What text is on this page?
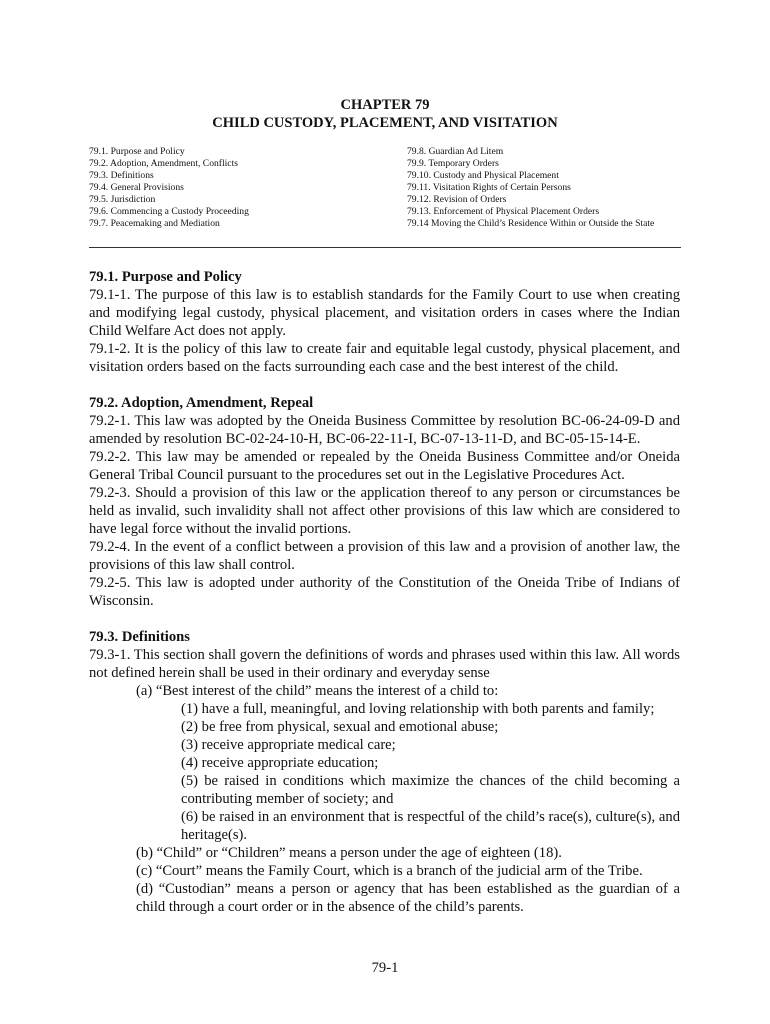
CHAPTER 79
CHILD CUSTODY, PLACEMENT, AND VISITATION
79.1. Purpose and Policy
79.2. Adoption, Amendment, Conflicts
79.3. Definitions
79.4. General Provisions
79.5. Jurisdiction
79.6. Commencing a Custody Proceeding
79.7. Peacemaking and Mediation
79.8. Guardian Ad Litem
79.9. Temporary Orders
79.10. Custody and Physical Placement
79.11. Visitation Rights of Certain Persons
79.12. Revision of Orders
79.13. Enforcement of Physical Placement Orders
79.14 Moving the Child’s Residence Within or Outside the State
79.1. Purpose and Policy
79.1-1. The purpose of this law is to establish standards for the Family Court to use when creating and modifying legal custody, physical placement, and visitation orders in cases where the Indian Child Welfare Act does not apply.
79.1-2. It is the policy of this law to create fair and equitable legal custody, physical placement, and visitation orders based on the facts surrounding each case and the best interest of the child.
79.2. Adoption, Amendment, Repeal
79.2-1. This law was adopted by the Oneida Business Committee by resolution BC-06-24-09-D and amended by resolution BC-02-24-10-H, BC-06-22-11-I, BC-07-13-11-D, and BC-05-15-14-E.
79.2-2. This law may be amended or repealed by the Oneida Business Committee and/or Oneida General Tribal Council pursuant to the procedures set out in the Legislative Procedures Act.
79.2-3. Should a provision of this law or the application thereof to any person or circumstances be held as invalid, such invalidity shall not affect other provisions of this law which are considered to have legal force without the invalid portions.
79.2-4. In the event of a conflict between a provision of this law and a provision of another law, the provisions of this law shall control.
79.2-5. This law is adopted under authority of the Constitution of the Oneida Tribe of Indians of Wisconsin.
79.3. Definitions
79.3-1. This section shall govern the definitions of words and phrases used within this law. All words not defined herein shall be used in their ordinary and everyday sense
(a) “Best interest of the child” means the interest of a child to:
(1) have a full, meaningful, and loving relationship with both parents and family;
(2) be free from physical, sexual and emotional abuse;
(3) receive appropriate medical care;
(4) receive appropriate education;
(5) be raised in conditions which maximize the chances of the child becoming a contributing member of society; and
(6) be raised in an environment that is respectful of the child’s race(s), culture(s), and heritage(s).
(b) “Child” or “Children” means a person under the age of eighteen (18).
(c) “Court” means the Family Court, which is a branch of the judicial arm of the Tribe.
(d) “Custodian” means a person or agency that has been established as the guardian of a child through a court order or in the absence of the child’s parents.
79-1
